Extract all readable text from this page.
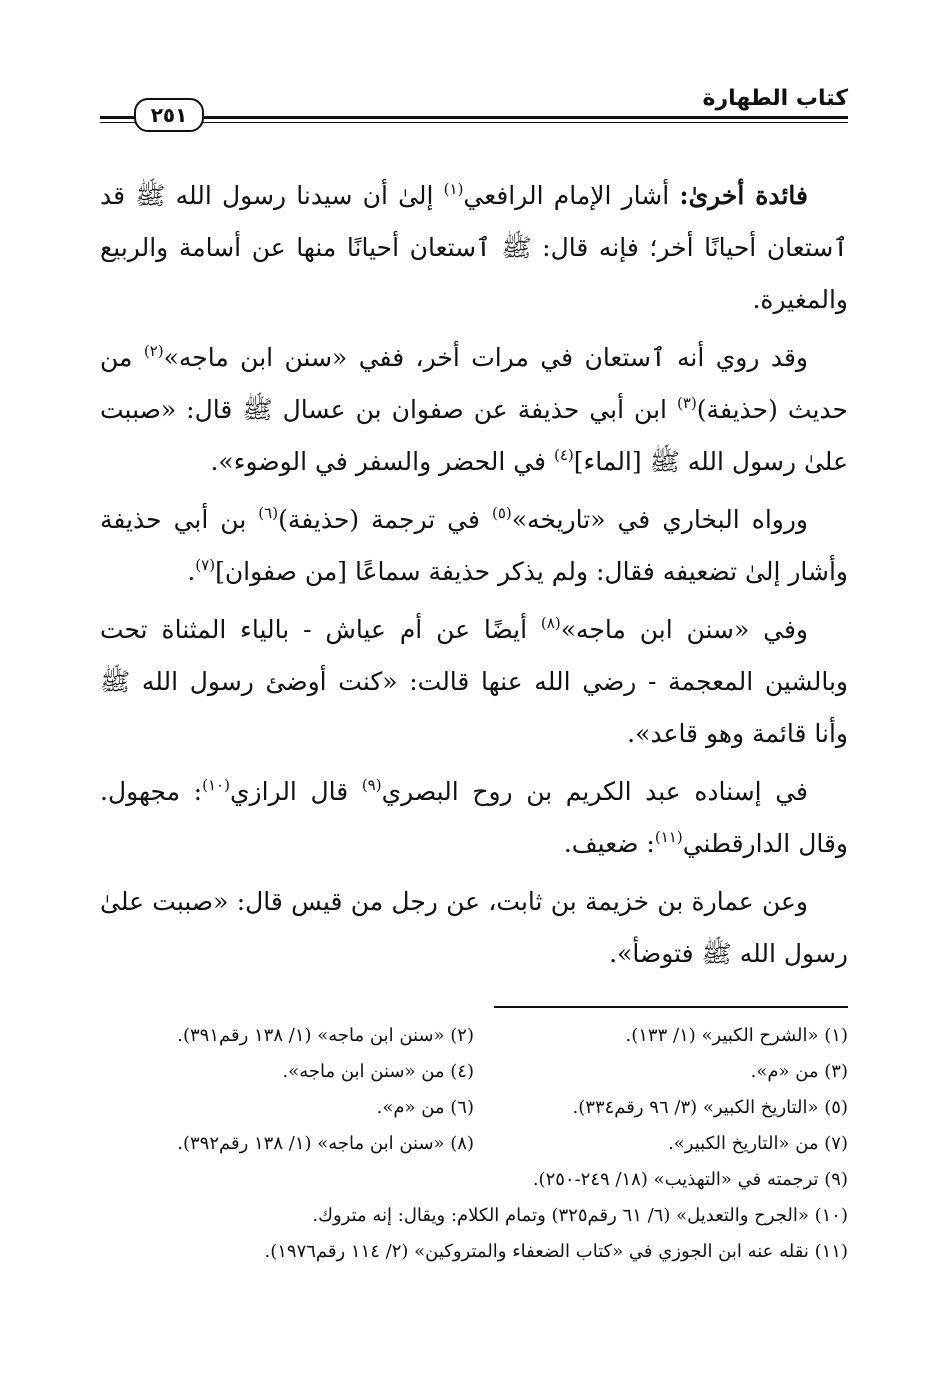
كتاب الطهارة
٢٥١

فائدة أخرىٰ: أشار الإمام الرافعي$^{(١)}$ إلىٰ أن سيدنا رسول الله ﷺ قد ٱستعان أحيانًا أخر؛ فإنه قال: ﷺ ٱستعان أحيانًا منها عن أسامة والربيع والمغيرة.

وقد روي أنه ٱستعان في مرات أخر، ففي «سنن ابن ماجه»$^{(٢)}$ من حديث (حذيفة)$^{(٣)}$ ابن أبي حذيفة عن صفوان بن عسال ﷺ قال: «صببت علىٰ رسول الله ﷺ [الماء]$^{(٤)}$ في الحضر والسفر في الوضوء».

ورواه البخاري في «تاريخه»$^{(٥)}$ في ترجمة (حذيفة)$^{(٦)}$ بن أبي حذيفة وأشار إلىٰ تضعيفه فقال: ولم يذكر حذيفة سماعًا [من صفوان]$^{(٧)}$.

وفي «سنن ابن ماجه»$^{(٨)}$ أيضًا عن أم عياش - بالياء المثناة تحت وبالشين المعجمة - رضي الله عنها قالت: «كنت أوضئ رسول الله ﷺ وأنا قائمة وهو قاعد».

في إسناده عبد الكريم بن روح البصري$^{(٩)}$ قال الرازي$^{(١٠)}$: مجهول. وقال الدارقطني$^{(١١)}$: ضعيف.

وعن عمارة بن خزيمة بن ثابت، عن رجل من قيس قال: «صببت علىٰ رسول الله ﷺ فتوضأ».

(١) «الشرح الكبير» (١/ ١٣٣).
(٢) «سنن ابن ماجه» (١/ ١٣٨ رقم٣٩١).
(٣) من «م».
(٤) من «سنن ابن ماجه».
(٥) «التاريخ الكبير» (٣/ ٩٦ رقم٣٣٤).
(٦) من «م».
(٧) من «التاريخ الكبير».
(٨) «سنن ابن ماجه» (١/ ١٣٨ رقم٣٩٢).
(٩) ترجمته في «التهذيب» (١٨/ ٢٤٩-٢٥٠).
(١٠) «الجرح والتعديل» (٦/ ٦١ رقم٣٢٥) وتمام الكلام: ويقال: إنه متروك.
(١١) نقله عنه ابن الجوزي في «كتاب الضعفاء والمتروكين» (٢/ ١١٤ رقم١٩٧٦).
